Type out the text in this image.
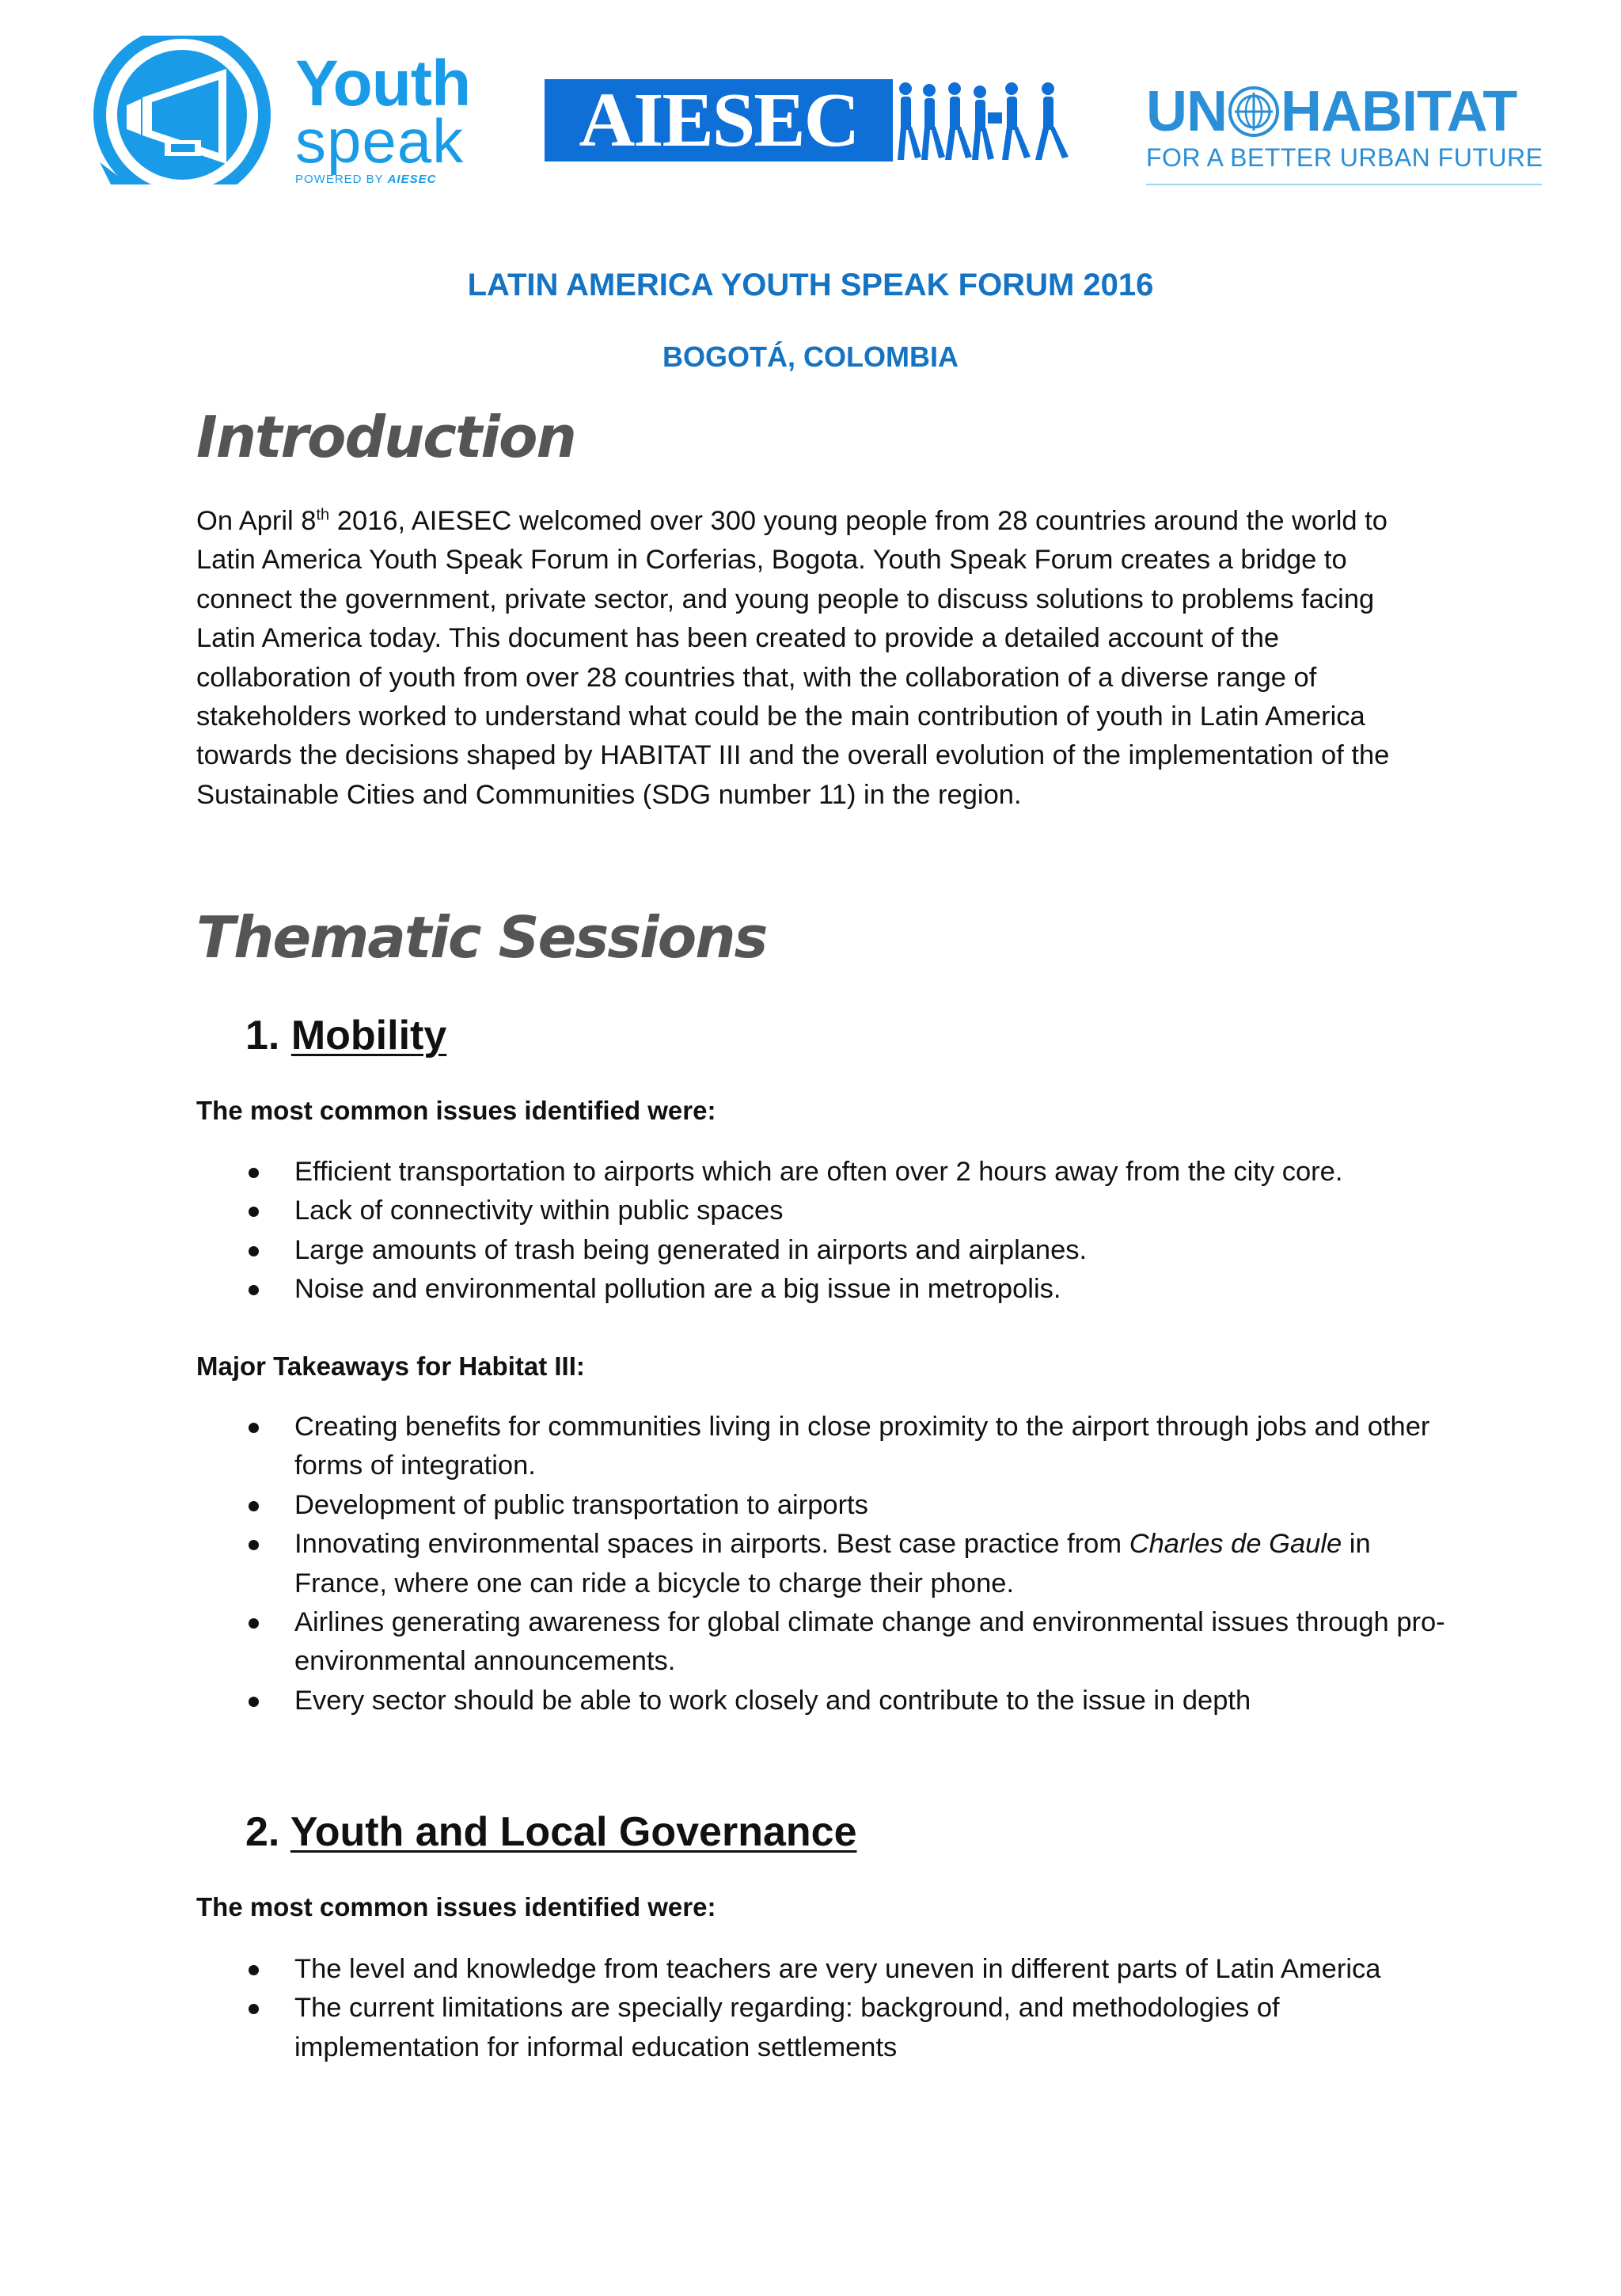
Youth
speak
POWERED BY AIESEC
AIESEC	UN HABITAT
FOR A BETTER URBAN FUTURE
LATIN AMERICA YOUTH SPEAK FORUM 2016
BOGOTÁ, COLOMBIA
Introduction
On April 8th 2016, AIESEC welcomed over 300 young people from 28 countries around the world to Latin America Youth Speak Forum in Corferias, Bogota. Youth Speak Forum creates a bridge to connect the government, private sector, and young people to discuss solutions to problems facing Latin America today. This document has been created to provide a detailed account of the collaboration of youth from over 28 countries that, with the collaboration of a diverse range of stakeholders worked to understand what could be the main contribution of youth in Latin America towards the decisions shaped by HABITAT III and the overall evolution of the implementation of the Sustainable Cities and Communities (SDG number 11) in the region.
Thematic Sessions
1. Mobility
The most common issues identified were:
Efficient transportation to airports which are often over 2 hours away from the city core.
Lack of connectivity within public spaces
Large amounts of trash being generated in airports and airplanes.
Noise and environmental pollution are a big issue in metropolis.
Major Takeaways for Habitat III:
Creating benefits for communities living in close proximity to the airport through jobs and other forms of integration.
Development of public transportation to airports
Innovating environmental spaces in airports. Best case practice from Charles de Gaule in France, where one can ride a bicycle to charge their phone.
Airlines generating awareness for global climate change and environmental issues through pro-environmental announcements.
Every sector should be able to work closely and contribute to the issue in depth
2. Youth and Local Governance
The most common issues identified were:
The level and knowledge from teachers are very uneven in different parts of Latin America
The current limitations are specially regarding: background, and methodologies of implementation for informal education settlements
